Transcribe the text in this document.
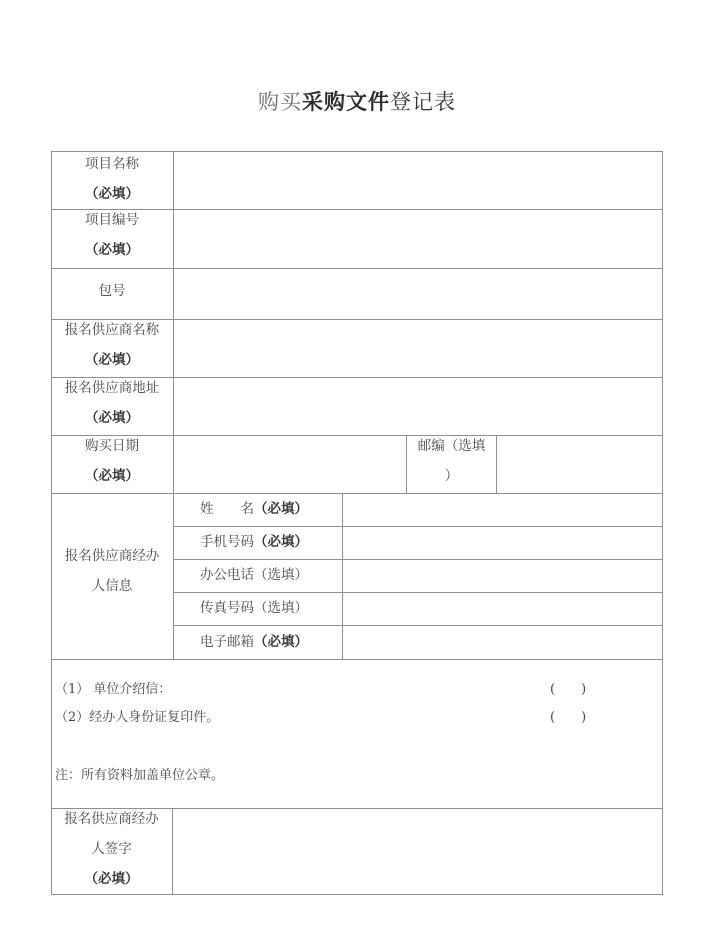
购买采购文件登记表
项目名称
（必填）
项目编号
（必填）
包号
报名供应商名称
（必填）
报名供应商地址
（必填）
购买日期
（必填）
邮编（选填
）
报名供应商经办
人信息
姓　　名（必填）
手机号码（必填）
办公电话（选填）
传真号码（选填）
电子邮箱（必填）
（1） 单位介绍信：	(　　)
（2）经办人身份证复印件。	(　　)
注：所有资料加盖单位公章。
报名供应商经办
人签字
（必填）
